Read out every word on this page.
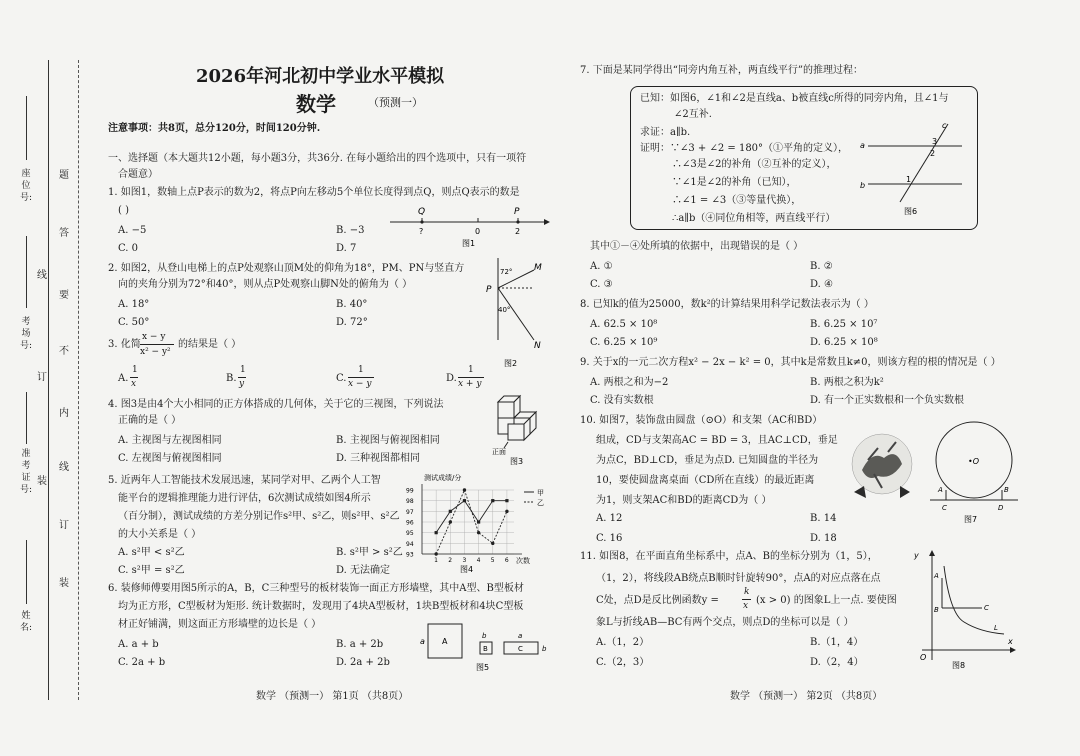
题
答
要
不
内
线
订
装
线
订
装
座位号:
考场号:
准考证号:
姓名:
2026年河北初中学业水平模拟
数学	（预测一）
注意事项：共8页，总分120分，时间120分钟.
一、选择题（本大题共12小题，每小题3分，共36分. 在每小题给出的四个选项中，只有一项符
合题意）
1. 如图1，数轴上点P表示的数为2，将点P向左移动5个单位长度得到点Q，则点Q表示的数是
( )
A. −5	B. −3
C. 0	D. 7
Q	P
?	0	2
图1
2. 如图2，从登山电梯上的点P处观察山顶M处的仰角为18°，PM、PN与竖直方
向的夹角分别为72°和40°，则从点P处观察山脚N处的俯角为（ ）
A. 18°	B. 40°
C. 50°	D. 72°
P
M
N
72°
40°
图2
3. 化简
x − y
x² − y²
的结果是（ ）
A.
1
x	B.
1
y	C.
1
x − y	D.
1
x + y
4. 图3是由4个大小相同的正方体搭成的几何体，关于它的三视图，下列说法
正确的是（ ）
A. 主视图与左视图相同	B. 主视图与俯视图相同
C. 左视图与俯视图相同	D. 三种视图都相同
正面
图3
5. 近两年人工智能技术发展迅速，某同学对甲、乙两个人工智
能平台的逻辑推理能力进行评估，6次测试成绩如图4所示
（百分制），测试成绩的方差分别记作s²甲、s²乙，则s²甲、s²乙
的大小关系是（ ）
A. s²甲 < s²乙	B. s²甲 > s²乙
C. s²甲 = s²乙	D. 无法确定
93
94
95
96
97
98
99
1 2 3 4 5 6
测试成绩/分
次数
甲
乙
图4
6. 装修师傅要用图5所示的A，B，C三种型号的板材装饰一面正方形墙壁，其中A型、B型板材
均为正方形，C型板材为矩形. 统计数据时，发现用了4块A型板材，1块B型板材和4块C型板
材正好铺满，则这面正方形墙壁的边长是（ ）
A. a + b	B. a + 2b
C. 2a + b	D. 2a + 2b
A
a
B
b
C	b
a
图5
数学 （预测一） 第1页 （共8页）
7. 下面是某同学得出“同旁内角互补，两直线平行”的推理过程：
已知：如图6，∠1和∠2是直线a、b被直线c所得的同旁内角，且∠1与
∠2互补.
求证：a∥b.
证明：∵∠3 + ∠2 = 180°（①平角的定义），
∴∠3是∠2的补角（②互补的定义），
∵∠1是∠2的补角（已知），
∴∠1 = ∠3（③等量代换），
∴a∥b（④同位角相等，两直线平行）
a
b
c
1
2
3
图6
其中①－④处所填的依据中，出现错误的是（ ）
A. ①	B. ②
C. ③	D. ④
8. 已知k的值为25000，数k²的计算结果用科学记数法表示为（ ）
A. 62.5 × 10⁸	B. 6.25 × 10⁷
C. 6.25 × 10⁹	D. 6.25 × 10⁸
9. 关于x的一元二次方程x² − 2x − k² = 0，其中k是常数且k≠0，则该方程的根的情况是（ ）
A. 两根之和为−2	B. 两根之积为k²
C. 没有实数根	D. 有一个正实数根和一个负实数根
10. 如图7，装饰盘由圆盘（⊙O）和支架（AC和BD）
组成，CD与支架高AC = BD = 3，且AC⊥CD，垂足
为点C，BD⊥CD，垂足为点D. 已知圆盘的半径为
10，要使圆盘离桌面（CD所在直线）的最近距离
为1，则支架AC和BD的距离CD为（ ）
A. 12	B. 14
C. 16	D. 18
•O
A	B
C	D
图7
11. 如图8，在平面直角坐标系中，点A、B的坐标分别为（1，5），
（1，2），将线段AB绕点B顺时针旋转90°，点A的对应点落在点
C处，点D是反比例函数y =
k
x (x > 0) 的图象L上一点. 要使图
象L与折线AB—BC有两个交点，则点D的坐标可以是（ ）
A.（1，2）	B.（1，4）
C.（2，3）	D.（2，4）
y
x
O
A
B	C
L
图8
数学 （预测一） 第2页 （共8页）
